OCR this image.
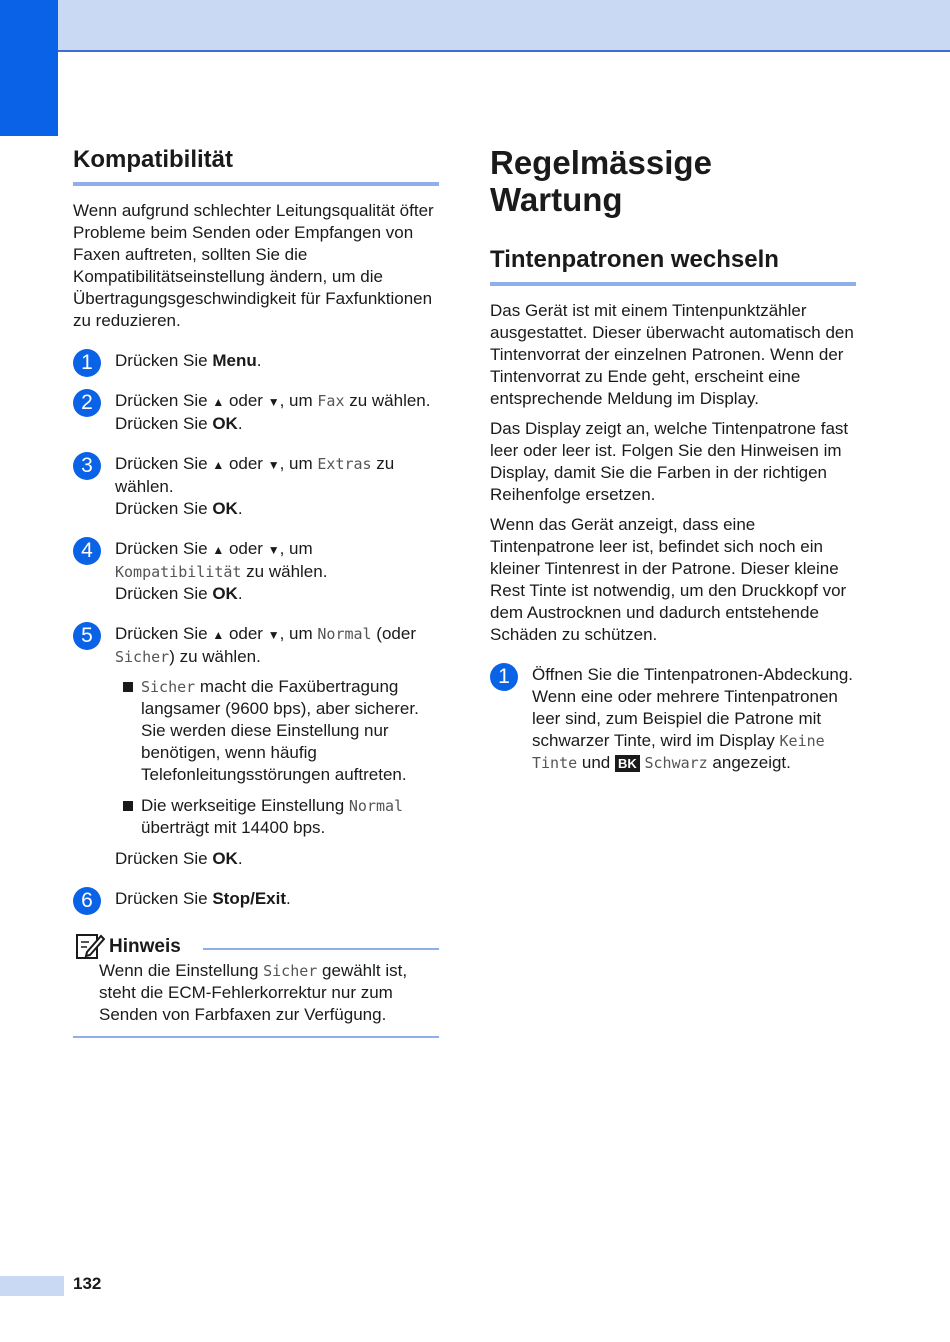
Kompatibilität

Wenn aufgrund schlechter Leitungsqualität öfter Probleme beim Senden oder Empfangen von Faxen auftreten, sollten Sie die Kompatibilitätseinstellung ändern, um die Übertragungsgeschwindigkeit für Faxfunktionen zu reduzieren.

1	Drücken Sie Menu.
2	Drücken Sie ▲ oder ▼, um Fax zu wählen.
Drücken Sie OK.
3	Drücken Sie ▲ oder ▼, um Extras zu wählen.
Drücken Sie OK.
4	Drücken Sie ▲ oder ▼, um Kompatibilität zu wählen.
Drücken Sie OK.
5	Drücken Sie ▲ oder ▼, um Normal (oder Sicher) zu wählen.
Sicher macht die Faxübertragung langsamer (9600 bps), aber sicherer. Sie werden diese Einstellung nur benötigen, wenn häufig Telefonleitungsstörungen auftreten.
Die werkseitige Einstellung Normal überträgt mit 14400 bps.
Drücken Sie OK.
6	Drücken Sie Stop/Exit.
Hinweis

Wenn die Einstellung Sicher gewählt ist, steht die ECM-Fehlerkorrektur nur zum Senden von Farbfaxen zur Verfügung.

Regelmässige
Wartung
Tintenpatronen wechseln

Das Gerät ist mit einem Tintenpunktzähler ausgestattet. Dieser überwacht automatisch den Tintenvorrat der einzelnen Patronen. Wenn der Tintenvorrat zu Ende geht, erscheint eine entsprechende Meldung im Display.

Das Display zeigt an, welche Tintenpatrone fast leer oder leer ist. Folgen Sie den Hinweisen im Display, damit Sie die Farben in der richtigen Reihenfolge ersetzen.

Wenn das Gerät anzeigt, dass eine Tintenpatrone leer ist, befindet sich noch ein kleiner Tintenrest in der Patrone. Dieser kleine Rest Tinte ist notwendig, um den Druckkopf vor dem Austrocknen und dadurch entstehende Schäden zu schützen.

1	Öffnen Sie die Tintenpatronen-Abdeckung.
Wenn eine oder mehrere Tintenpatronen leer sind, zum Beispiel die Patrone mit schwarzer Tinte, wird im Display Keine Tinte und BK Schwarz angezeigt.
132
